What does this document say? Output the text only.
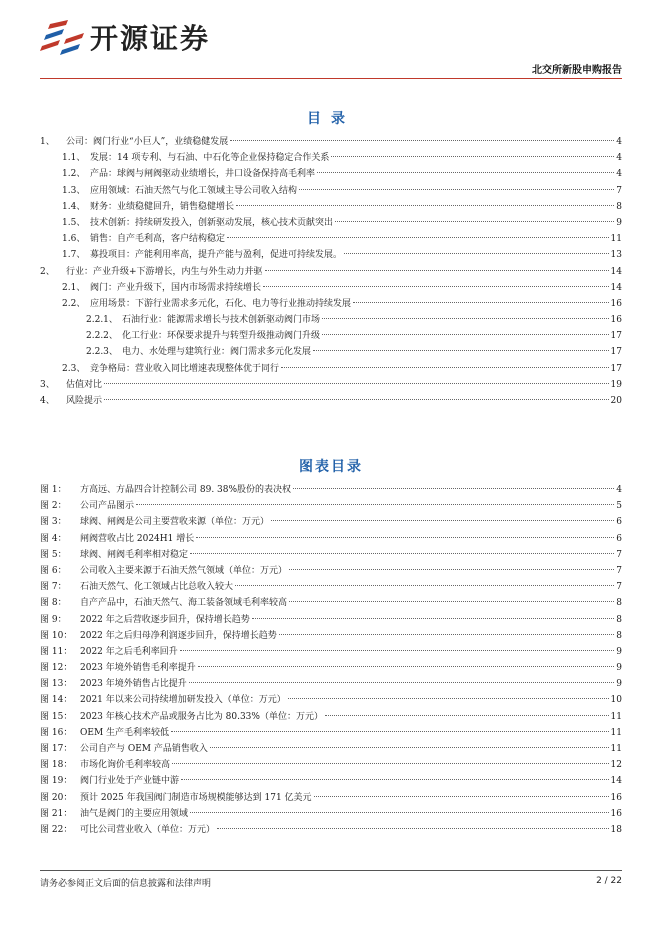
开源证券
北交所新股申购报告
目录
1、	公司：阀门行业“小巨人”，业绩稳健发展	4
1.1、 发展：14 项专利、与石油、中石化等企业保持稳定合作关系	4
1.2、 产品：球阀与闸阀驱动业绩增长，井口设备保持高毛利率	4
1.3、 应用领域：石油天然气与化工领域主导公司收入结构	7
1.4、 财务：业绩稳健回升，销售稳健增长	8
1.5、 技术创新：持续研发投入，创新驱动发展，核心技术贡献突出	9
1.6、 销售：自产毛利高，客户结构稳定	11
1.7、 募投项目：产能利用率高，提升产能与盈利，促进可持续发展。	13
2、	行业：产业升级+下游增长，内生与外生动力并驱	14
2.1、 阀门：产业升级下，国内市场需求持续增长	14
2.2、 应用场景：下游行业需求多元化，石化、电力等行业推动持续发展	16
2.2.1、 石油行业：能源需求增长与技术创新驱动阀门市场	16
2.2.2、 化工行业：环保要求提升与转型升级推动阀门升级	17
2.2.3、 电力、水处理与建筑行业：阀门需求多元化发展	17
2.3、 竞争格局：营业收入同比增速表现整体优于同行	17
3、	估值对比	19
4、	风险提示	20
图表目录
图 1：	方高远、方晶四合计控制公司 89. 38%股份的表决权	4
图 2：	公司产品图示	5
图 3：	球阀、闸阀是公司主要营收来源（单位：万元）	6
图 4：	闸阀营收占比 2024H1 增长	6
图 5：	球阀、闸阀毛利率相对稳定	7
图 6：	公司收入主要来源于石油天然气领域（单位：万元）	7
图 7：	石油天然气、化工领域占比总收入较大	7
图 8：	自产产品中，石油天然气、海工装备领域毛利率较高	8
图 9：	2022 年之后营收逐步回升，保持增长趋势	8
图 10： 2022 年之后归母净利润逐步回升，保持增长趋势	8
图 11： 2022 年之后毛利率回升	9
图 12： 2023 年境外销售毛利率提升	9
图 13： 2023 年境外销售占比提升	9
图 14： 2021 年以来公司持续增加研发投入（单位：万元）	10
图 15： 2023 年核心技术产品或服务占比为 80.33%（单位：万元）	11
图 16： OEM 生产毛利率较低	11
图 17： 公司自产与 OEM 产品销售收入	11
图 18： 市场化询价毛利率较高	12
图 19： 阀门行业处于产业链中游	14
图 20： 预计 2025 年我国阀门制造市场规模能够达到 171 亿美元	16
图 21： 油气是阀门的主要应用领域	16
图 22： 可比公司营业收入（单位：万元）	18
请务必参阅正文后面的信息披露和法律声明	2 / 22
